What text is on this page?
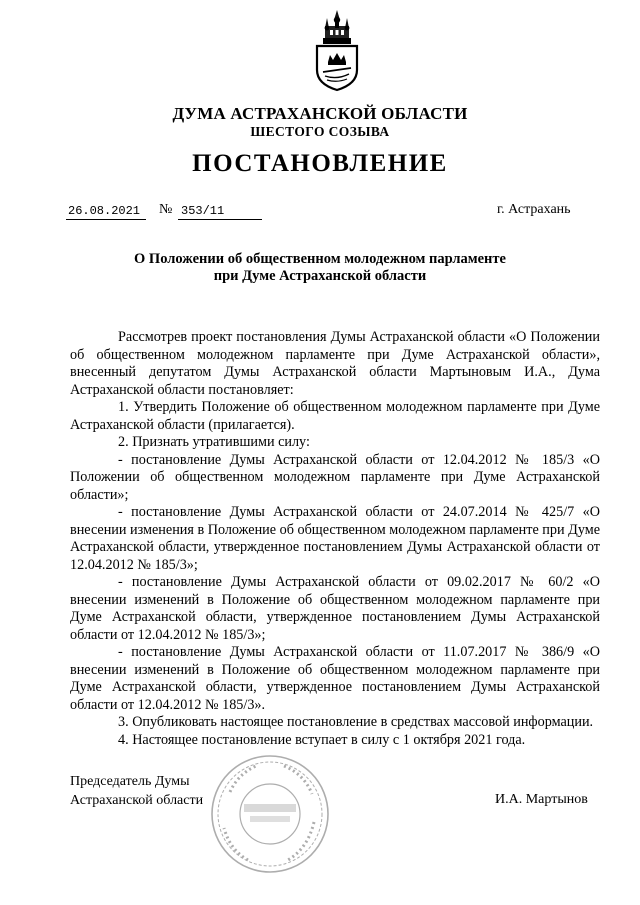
ДУМА АСТРАХАНСКОЙ ОБЛАСТИ
ШЕСТОГО СОЗЫВА
ПОСТАНОВЛЕНИЕ
26.08.2021 № 353/11	г. Астрахань
О Положении об общественном молодежном парламенте
при Думе Астраханской области

Рассмотрев проект постановления Думы Астраханской области «О Положении об общественном молодежном парламенте при Думе Астраханской области», внесенный депутатом Думы Астраханской области Мартыновым И.А., Дума Астраханской области постановляет:

1. Утвердить Положение об общественном молодежном парламенте при Думе Астраханской области (прилагается).

2. Признать утратившими силу:

- постановление Думы Астраханской области от 12.04.2012 № 185/3 «О Положении об общественном молодежном парламенте при Думе Астраханской области»;

- постановление Думы Астраханской области от 24.07.2014 № 425/7 «О внесении изменения в Положение об общественном молодежном парламенте при Думе Астраханской области, утвержденное постановлением Думы Астраханской области от 12.04.2012 № 185/3»;

- постановление Думы Астраханской области от 09.02.2017 № 60/2 «О внесении изменений в Положение об общественном молодежном парламенте при Думе Астраханской области, утвержденное постановлением Думы Астраханской области от 12.04.2012 № 185/3»;

- постановление Думы Астраханской области от 11.07.2017 № 386/9 «О внесении изменений в Положение об общественном молодежном парламенте при Думе Астраханской области, утвержденное постановлением Думы Астраханской области от 12.04.2012 № 185/3».

3. Опубликовать настоящее постановление в средствах массовой информации.

4. Настоящее постановление вступает в силу с 1 октября 2021 года.

Председатель Думы
Астраханской области	И.А. Мартынов
